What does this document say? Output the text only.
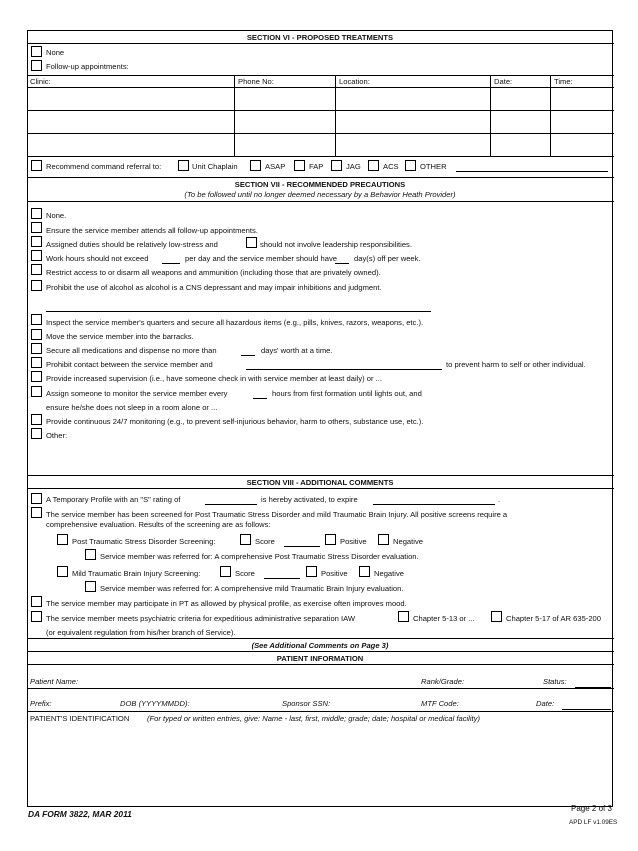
SECTION VI - PROPOSED TREATMENTS
None
Follow-up appointments:
Clinic:	Phone No:	Location:	Date:	Time:
Recommend command referral to:	Unit Chaplain	ASAP	FAP	JAG	ACS	OTHER
SECTION VII - RECOMMENDED PRECAUTIONS
(To be followed until no longer deemed necessary by a Behavior Heath Provider)
None.
Ensure the service member attends all follow-up appointments.
Assigned duties should be relatively low-stress and	should not involve leadership responsibilities.
Work hours should not exceed	per day and the service member should have day(s) off per week.
Restrict access to or disarm all weapons and ammunition (including those that are privately owned).
Prohibit the use of alcohol as alcohol is a CNS depressant and may impair inhibitions and judgment.
Inspect the service member's quarters and secure all hazardous items (e.g., pills, knives, razors, weapons, etc.).
Move the service member into the barracks.
Secure all medications and dispense no more than	days' worth at a time.
Prohibit contact between the service member and	to prevent harm to self or other individual.
Provide increased supervision (i.e., have someone check in with service member at least daily) or ...
Assign someone to monitor the service member every	hours from first formation until lights out, and
ensure he/she does not sleep in a room alone or ...
Provide continuous 24/7 monitoring (e.g., to prevent self-injurious behavior, harm to others, substance use, etc.).
Other:
SECTION VIII - ADDITIONAL COMMENTS
A Temporary Profile with an "S" rating of	is hereby activated, to expire	.
The service member has been screened for Post Traumatic Stress Disorder and mild Traumatic Brain Injury. All positive screens require a
comprehensive evaluation. Results of the screening are as follows:
Post Traumatic Stress Disorder Screening:	Score	Positive	Negative
Service member was referred for: A comprehensive Post Traumatic Stress Disorder evaluation.
Mild Traumatic Brain Injury Screening:	Score	Positive	Negative
Service member was referred for: A comprehensive mild Traumatic Brain Injury evaluation.
The service member may participate in PT as allowed by physical profile, as exercise often improves mood.
The service member meets psychiatric criteria for expeditious administrative separation IAW	Chapter 5-13 or ...	Chapter 5-17 of AR 635-200
(or equivalent regulation from his/her branch of Service).
(See Additional Comments on Page 3)
PATIENT INFORMATION
Patient Name:	Rank/Grade:	Status:
Prefix:	DOB (YYYYMMDD):	Sponsor SSN:	MTF Code:	Date:
PATIENT'S IDENTIFICATION (For typed or written entries, give: Name - last, first, middle; grade; date; hospital or medical facility)
DA FORM 3822, MAR 2011
Page 2 of 3
APD LF v1.09ES
